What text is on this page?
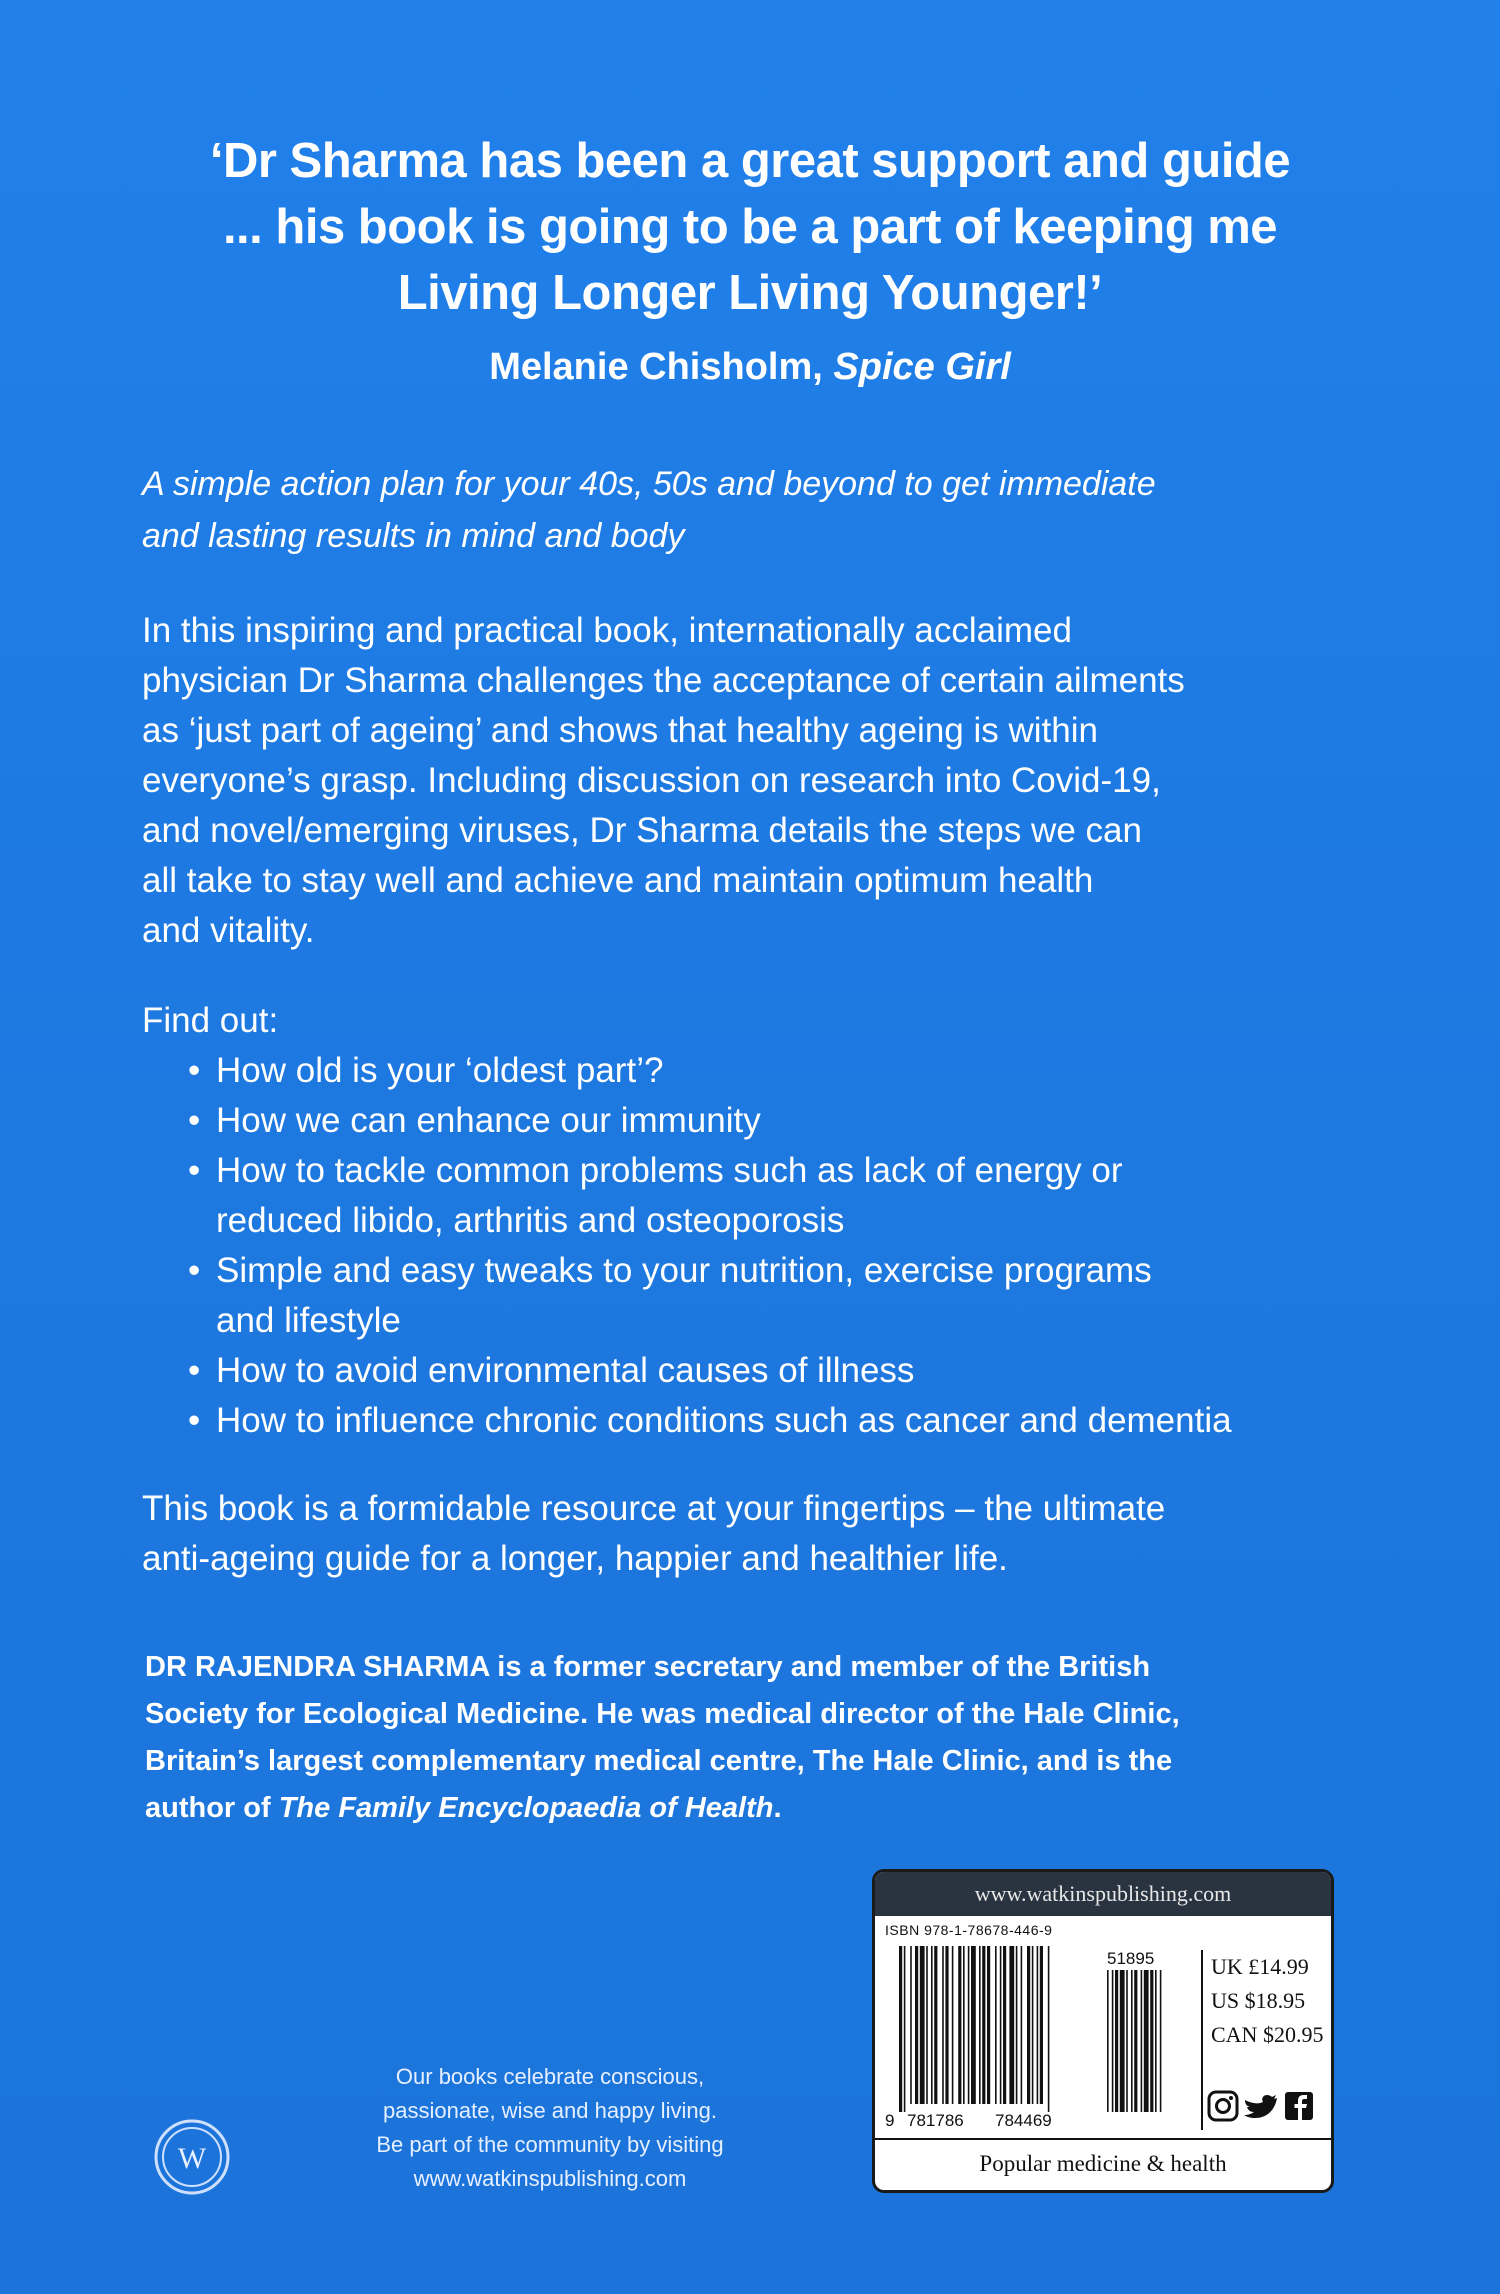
‘Dr Sharma has been a great support and guide
... his book is going to be a part of keeping me
Living Longer Living Younger!’
Melanie Chisholm, Spice Girl
A simple action plan for your 40s, 50s and beyond to get immediate
and lasting results in mind and body
In this inspiring and practical book, internationally acclaimed
physician Dr Sharma challenges the acceptance of certain ailments
as ‘just part of ageing’ and shows that healthy ageing is within
everyone’s grasp. Including discussion on research into Covid-19,
and novel/emerging viruses, Dr Sharma details the steps we can
all take to stay well and achieve and maintain optimum health
and vitality.
Find out:
• How old is your ‘oldest part’?
• How we can enhance our immunity
• How to tackle common problems such as lack of energy or
reduced libido, arthritis and osteoporosis
• Simple and easy tweaks to your nutrition, exercise programs
and lifestyle
• How to avoid environmental causes of illness
• How to influence chronic conditions such as cancer and dementia
This book is a formidable resource at your fingertips – the ultimate
anti-ageing guide for a longer, happier and healthier life.
DR RAJENDRA SHARMA is a former secretary and member of the British
Society for Ecological Medicine. He was medical director of the Hale Clinic,
Britain’s largest complementary medical centre, The Hale Clinic, and is the
author of The Family Encyclopaedia of Health.
W
Our books celebrate conscious,
passionate, wise and happy living.
Be part of the community by visiting
www.watkinspublishing.com
www.watkinspublishing.com
ISBN 978-1-78678-446-9
51895
9 781786 784469
UK £14.99
US $18.95
CAN $20.95
Popular medicine & health
